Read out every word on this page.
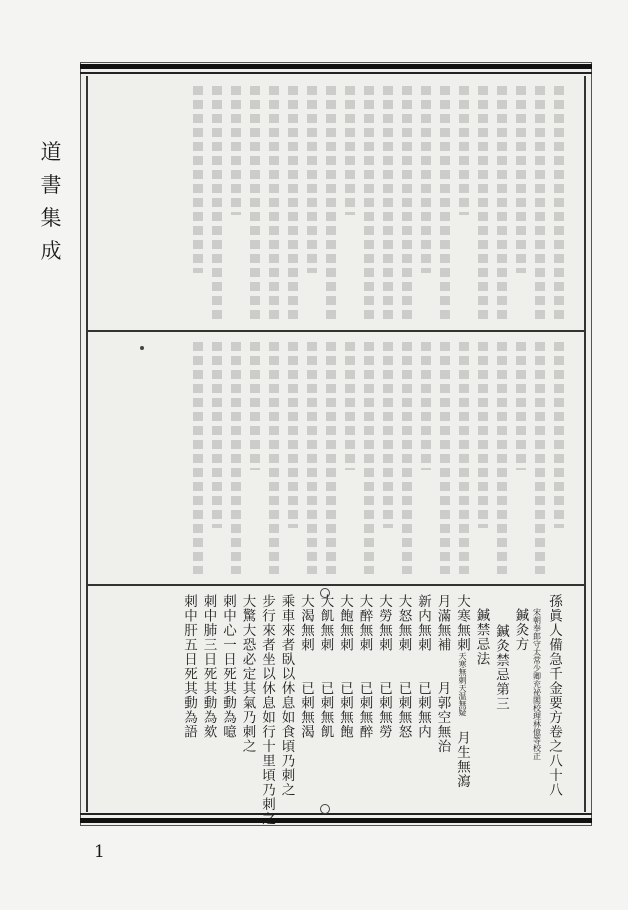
道
書
集
成
孫眞人備急千金要方卷之八十八
宋朝奉郎守太常少卿充祕閣校理林億等校正
鍼灸方
鍼灸禁忌第三
鍼禁忌法
大寒無刺天寒無刺天温無疑　月生無瀉
月滿無補　　月郭空無治
新内無刺　　已刺無内
大怒無刺　　已刺無怒
大勞無刺　　已刺無勞
大醉無刺　　已刺無醉
大飽無刺　　已刺無飽
大飢無刺　　已刺無飢
大渴無刺　　已刺無渴
乘車來者臥以休息如食頃乃刺之
步行來者坐以休息如行十里頃乃刺之
大驚大恐必定其氣乃刺之
刺中心一日死其動為噫
刺中肺三日死其動為欬
刺中肝五日死其動為語
1
